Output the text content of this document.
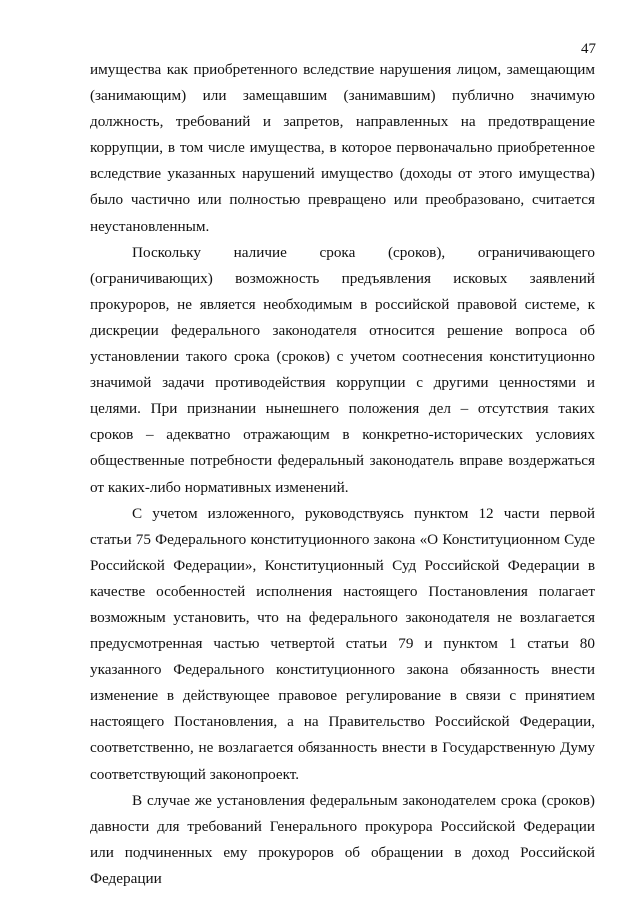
47

имущества как приобретенного вследствие нарушения лицом, замещающим (занимающим) или замещавшим (занимавшим) публично значимую должность, требований и запретов, направленных на предотвращение коррупции, в том числе имущества, в которое первоначально приобретенное вследствие указанных нарушений имущество (доходы от этого имущества) было частично или полностью превращено или преобразовано, считается неустановленным.

Поскольку наличие срока (сроков), ограничивающего (ограничивающих) возможность предъявления исковых заявлений прокуроров, не является необходимым в российской правовой системе, к дискреции федерального законодателя относится решение вопроса об установлении такого срока (сроков) с учетом соотнесения конституционно значимой задачи противодействия коррупции с другими ценностями и целями. При признании нынешнего положения дел – отсутствия таких сроков – адекватно отражающим в конкретно-исторических условиях общественные потребности федеральный законодатель вправе воздержаться от каких-либо нормативных изменений.

С учетом изложенного, руководствуясь пунктом 12 части первой статьи 75 Федерального конституционного закона «О Конституционном Суде Российской Федерации», Конституционный Суд Российской Федерации в качестве особенностей исполнения настоящего Постановления полагает возможным установить, что на федерального законодателя не возлагается предусмотренная частью четвертой статьи 79 и пунктом 1 статьи 80 указанного Федерального конституционного закона обязанность внести изменение в действующее правовое регулирование в связи с принятием настоящего Постановления, а на Правительство Российской Федерации, соответственно, не возлагается обязанность внести в Государственную Думу соответствующий законопроект.

В случае же установления федеральным законодателем срока (сроков) давности для требований Генерального прокурора Российской Федерации или подчиненных ему прокуроров об обращении в доход Российской Федерации
